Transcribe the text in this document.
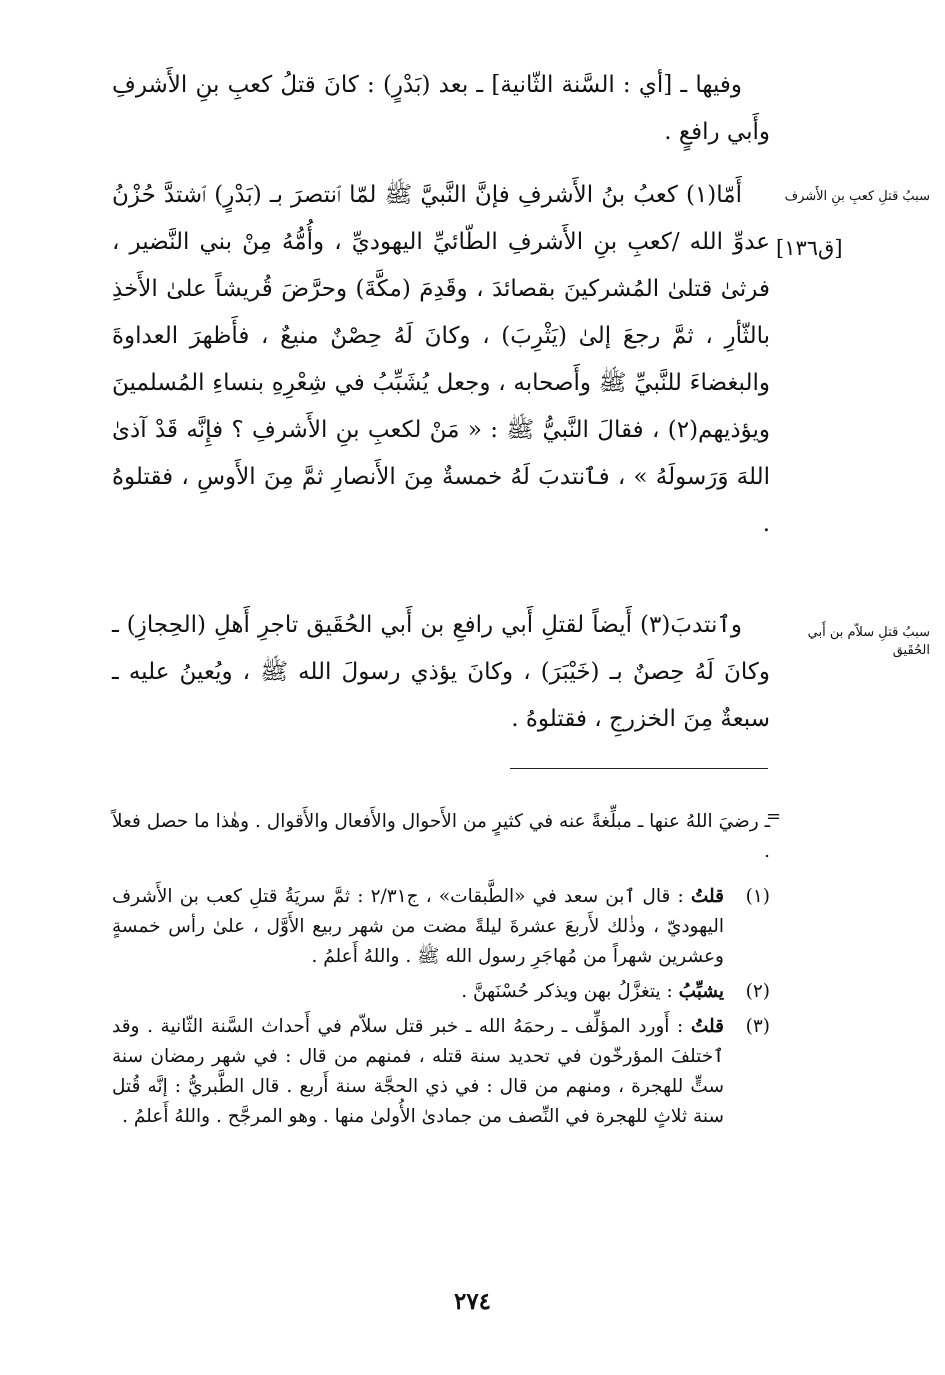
وفيها ـ [أي : السَّنة الثّانية] ـ بعد (بَدْرٍ) : كانَ قتلُ كعبِ بنِ الأَشرفِ وأَبي رافعٍ .
سببُ قتلِ كعبِ بنِ الأَشرف
[ق١٣٦]
أَمّا(١) كعبُ بنُ الأَشرفِ فإنَّ النَّبيَّ ﷺ لمّا ٱنتصرَ بـ (بَدْرٍ) ٱشتدَّ حُزْنُ عدوِّ الله /كعبِ بنِ الأَشرفِ الطّائيِّ اليهوديِّ ، وأُمُّهُ مِنْ بني النَّضير ، فرثىٰ قتلىٰ المُشركينَ بقصائدَ ، وقَدِمَ (مكَّةَ) وحرَّضَ قُريشاً علىٰ الأَخذِ بالثّأرِ ، ثمَّ رجعَ إلىٰ (يَثْرِبَ) ، وكانَ لَهُ حِصْنٌ منيعٌ ، فأَظهرَ العداوةَ والبغضاءَ للنَّبيِّ ﷺ وأَصحابه ، وجعل يُشَبِّبُ في شِعْرِهِ بنساءِ المُسلمينَ ويؤذيهم(٢) ، فقالَ النَّبيُّ ﷺ : « مَنْ لكعبِ بنِ الأَشرفِ ؟ فإِنَّه قَدْ آذىٰ اللهَ وَرَسولَهُ » ، فٱنتدبَ لَهُ خمسةٌ مِنَ الأَنصارِ ثمَّ مِنَ الأَوسِ ، فقتلوهُ .
سببُ قتلِ سلاّم بن أَبي الحُقَيق
وٱنتدبَ(٣) أَيضاً لقتلِ أَبي رافعِ بن أَبي الحُقَيق تاجرِ أَهلِ (الحِجازِ) ـ وكانَ لَهُ حِصنٌ بـ (خَيْبَرَ) ، وكانَ يؤذي رسولَ الله ﷺ ، ويُعينُ عليه ـ سبعةٌ مِنَ الخزرجِ ، فقتلوهُ .
=
ـ رضيَ اللهُ عنها ـ مبلِّغةً عنه في كثيرٍ من الأَحوال والأَفعال والأَقوال . وهٰذا ما حصل فعلاً .
(١)
قلتُ : قال ٱبن سعد في «الطَّبقات» ، ج٢/٣١ : ثمَّ سريَةُ قتلِ كعب بن الأَشرف اليهوديّ ، وذٰلك لأَربعَ عشرةَ ليلةً مضت من شهر ربيع الأَوَّل ، علىٰ رأس خمسةٍ وعشرين شهراً من مُهاجَرِ رسول الله ﷺ . واللهُ أَعلمُ .
(٢)
يشبِّبُ : يتغزَّلُ بهن ويذكر حُسْنَهنَّ .
(٣)
قلتُ : أَورد المؤلِّف ـ رحمَهُ الله ـ خبر قتل سلاّم في أَحداث السَّنة الثّانية . وقد ٱختلفَ المؤرخّون في تحديد سنة قتله ، فمنهم من قال : في شهر رمضان سنة ستٍّ للهجرة ، ومنهم من قال : في ذي الحجَّة سنة أَربع . قال الطَّبريُّ : إنَّه قُتل سنة ثلاثٍ للهجرة في النِّصف من جمادىٰ الأُولىٰ منها . وهو المرجَّح . واللهُ أَعلمُ .
٢٧٤
